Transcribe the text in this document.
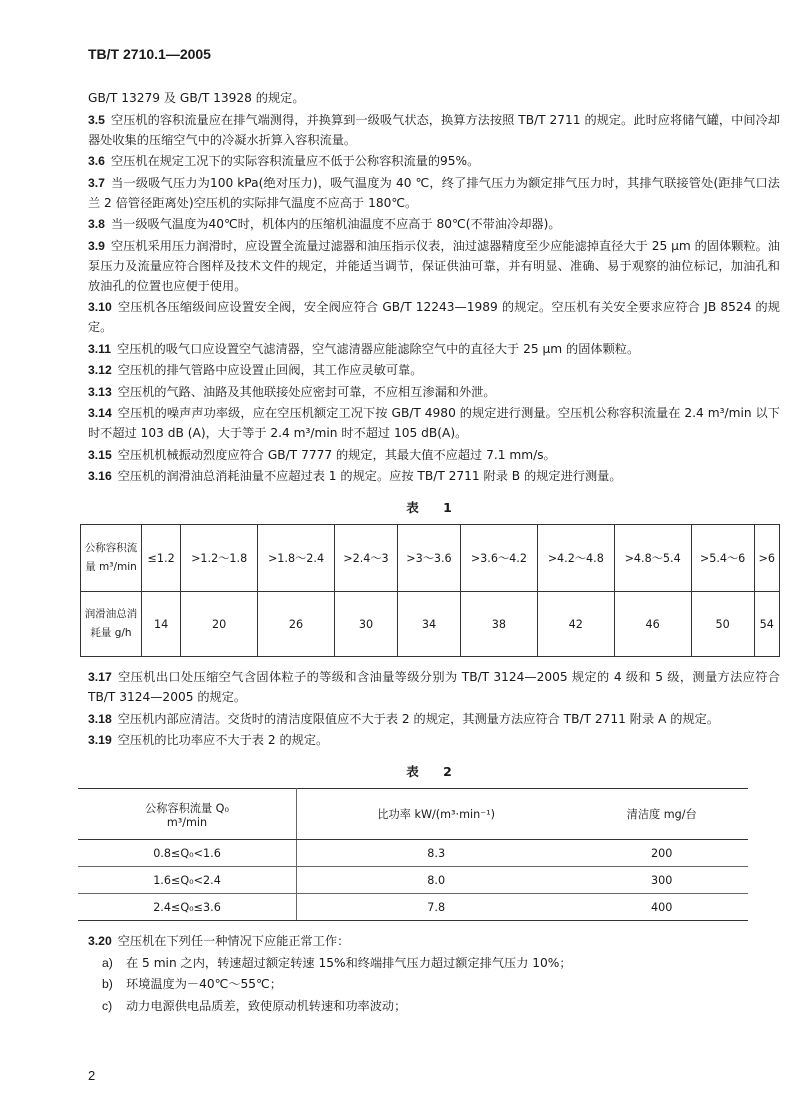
TB/T 2710.1—2005

GB/T 13279 及 GB/T 13928 的规定。

3.5 空压机的容积流量应在排气端测得，并换算到一级吸气状态，换算方法按照 TB/T 2711 的规定。此时应将储气罐，中间冷却器处收集的压缩空气中的冷凝水折算入容积流量。

3.6 空压机在规定工况下的实际容积流量应不低于公称容积流量的95%。

3.7 当一级吸气压力为100 kPa(绝对压力)，吸气温度为 40 ℃，终了排气压力为额定排气压力时，其排气联接管处(距排气口法兰 2 倍管径距离处)空压机的实际排气温度不应高于 180℃。

3.8 当一级吸气温度为40℃时，机体内的压缩机油温度不应高于 80℃(不带油冷却器)。

3.9 空压机采用压力润滑时，应设置全流量过滤器和油压指示仪表，油过滤器精度至少应能滤掉直径大于 25 μm 的固体颗粒。油泵压力及流量应符合图样及技术文件的规定，并能适当调节，保证供油可靠，并有明显、准确、易于观察的油位标记，加油孔和放油孔的位置也应便于使用。

3.10 空压机各压缩级间应设置安全阀，安全阀应符合 GB/T 12243—1989 的规定。空压机有关安全要求应符合 JB 8524 的规定。

3.11 空压机的吸气口应设置空气滤清器，空气滤清器应能滤除空气中的直径大于 25 μm 的固体颗粒。

3.12 空压机的排气管路中应设置止回阀，其工作应灵敏可靠。

3.13 空压机的气路、油路及其他联接处应密封可靠，不应相互渗漏和外泄。

3.14 空压机的噪声声功率级，应在空压机额定工况下按 GB/T 4980 的规定进行测量。空压机公称容积流量在 2.4 m³/min 以下时不超过 103 dB (A)，大于等于 2.4 m³/min 时不超过 105 dB(A)。

3.15 空压机机械振动烈度应符合 GB/T 7777 的规定，其最大值不应超过 7.1 mm/s。

3.16 空压机的润滑油总消耗油量不应超过表 1 的规定。应按 TB/T 2711 附录 B 的规定进行测量。

表 1
公称容积流量 m³/min	≤1.2	>1.2～1.8	>1.8～2.4	>2.4～3	>3～3.6	>3.6～4.2	>4.2～4.8	>4.8～5.4	>5.4～6	>6
润滑油总消耗量 g/h	14	20	26	30	34	38	42	46	50	54

3.17 空压机出口处压缩空气含固体粒子的等级和含油量等级分别为 TB/T 3124—2005 规定的 4 级和 5 级，测量方法应符合 TB/T 3124—2005 的规定。

3.18 空压机内部应清洁。交货时的清洁度限值应不大于表 2 的规定，其测量方法应符合 TB/T 2711 附录 A 的规定。

3.19 空压机的比功率应不大于表 2 的规定。

表 2
公称容积流量 Q₀
m³/min	比功率 kW/(m³·min⁻¹)	清洁度 mg/台
0.8≤Q₀<1.6	8.3	200
1.6≤Q₀<2.4	8.0	300
2.4≤Q₀≤3.6	7.8	400

3.20 空压机在下列任一种情况下应能正常工作：

a)	在 5 min 之内，转速超过额定转速 15%和终端排气压力超过额定排气压力 10%；
b)	环境温度为－40℃～55℃；
c)	动力电源供电品质差，致使原动机转速和功率波动；
2
